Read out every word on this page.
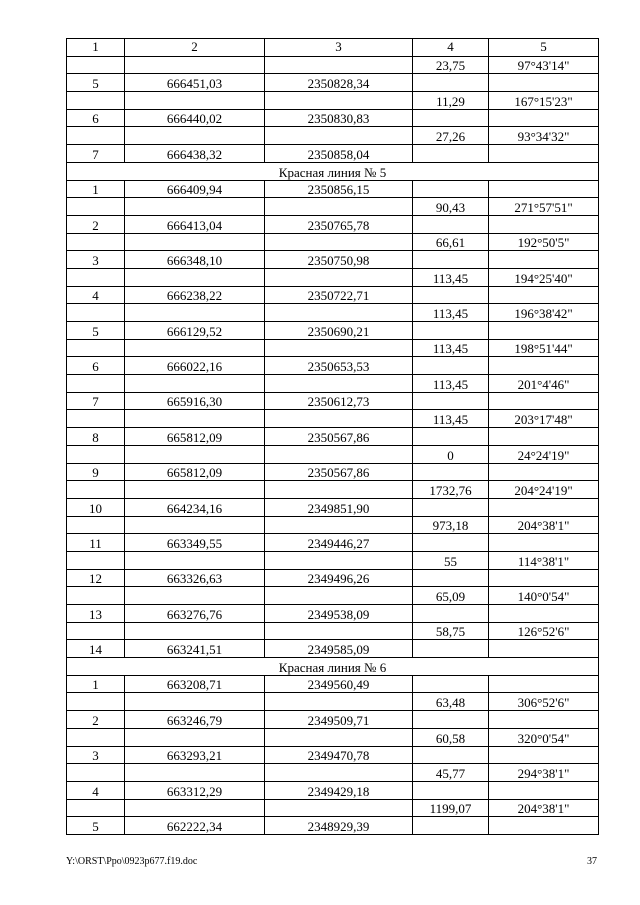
1	2	3	4	5
			23,75	97°43'14"
5	666451,03	2350828,34		
			11,29	167°15'23"
6	666440,02	2350830,83		
			27,26	93°34'32"
7	666438,32	2350858,04		
Красная линия № 5				
1	666409,94	2350856,15		
			90,43	271°57'51"
2	666413,04	2350765,78		
			66,61	192°50'5"
3	666348,10	2350750,98		
			113,45	194°25'40"
4	666238,22	2350722,71		
			113,45	196°38'42"
5	666129,52	2350690,21		
			113,45	198°51'44"
6	666022,16	2350653,53		
			113,45	201°4'46"
7	665916,30	2350612,73		
			113,45	203°17'48"
8	665812,09	2350567,86		
			0	24°24'19"
9	665812,09	2350567,86		
			1732,76	204°24'19"
10	664234,16	2349851,90		
			973,18	204°38'1"
11	663349,55	2349446,27		
			55	114°38'1"
12	663326,63	2349496,26		
			65,09	140°0'54"
13	663276,76	2349538,09		
			58,75	126°52'6"
14	663241,51	2349585,09		
Красная линия № 6				
1	663208,71	2349560,49		
			63,48	306°52'6"
2	663246,79	2349509,71		
			60,58	320°0'54"
3	663293,21	2349470,78		
			45,77	294°38'1"
4	663312,29	2349429,18		
			1199,07	204°38'1"
5	662222,34	2348929,39		
Y:\ORST\Ppo\0923p677.f19.doc	37
